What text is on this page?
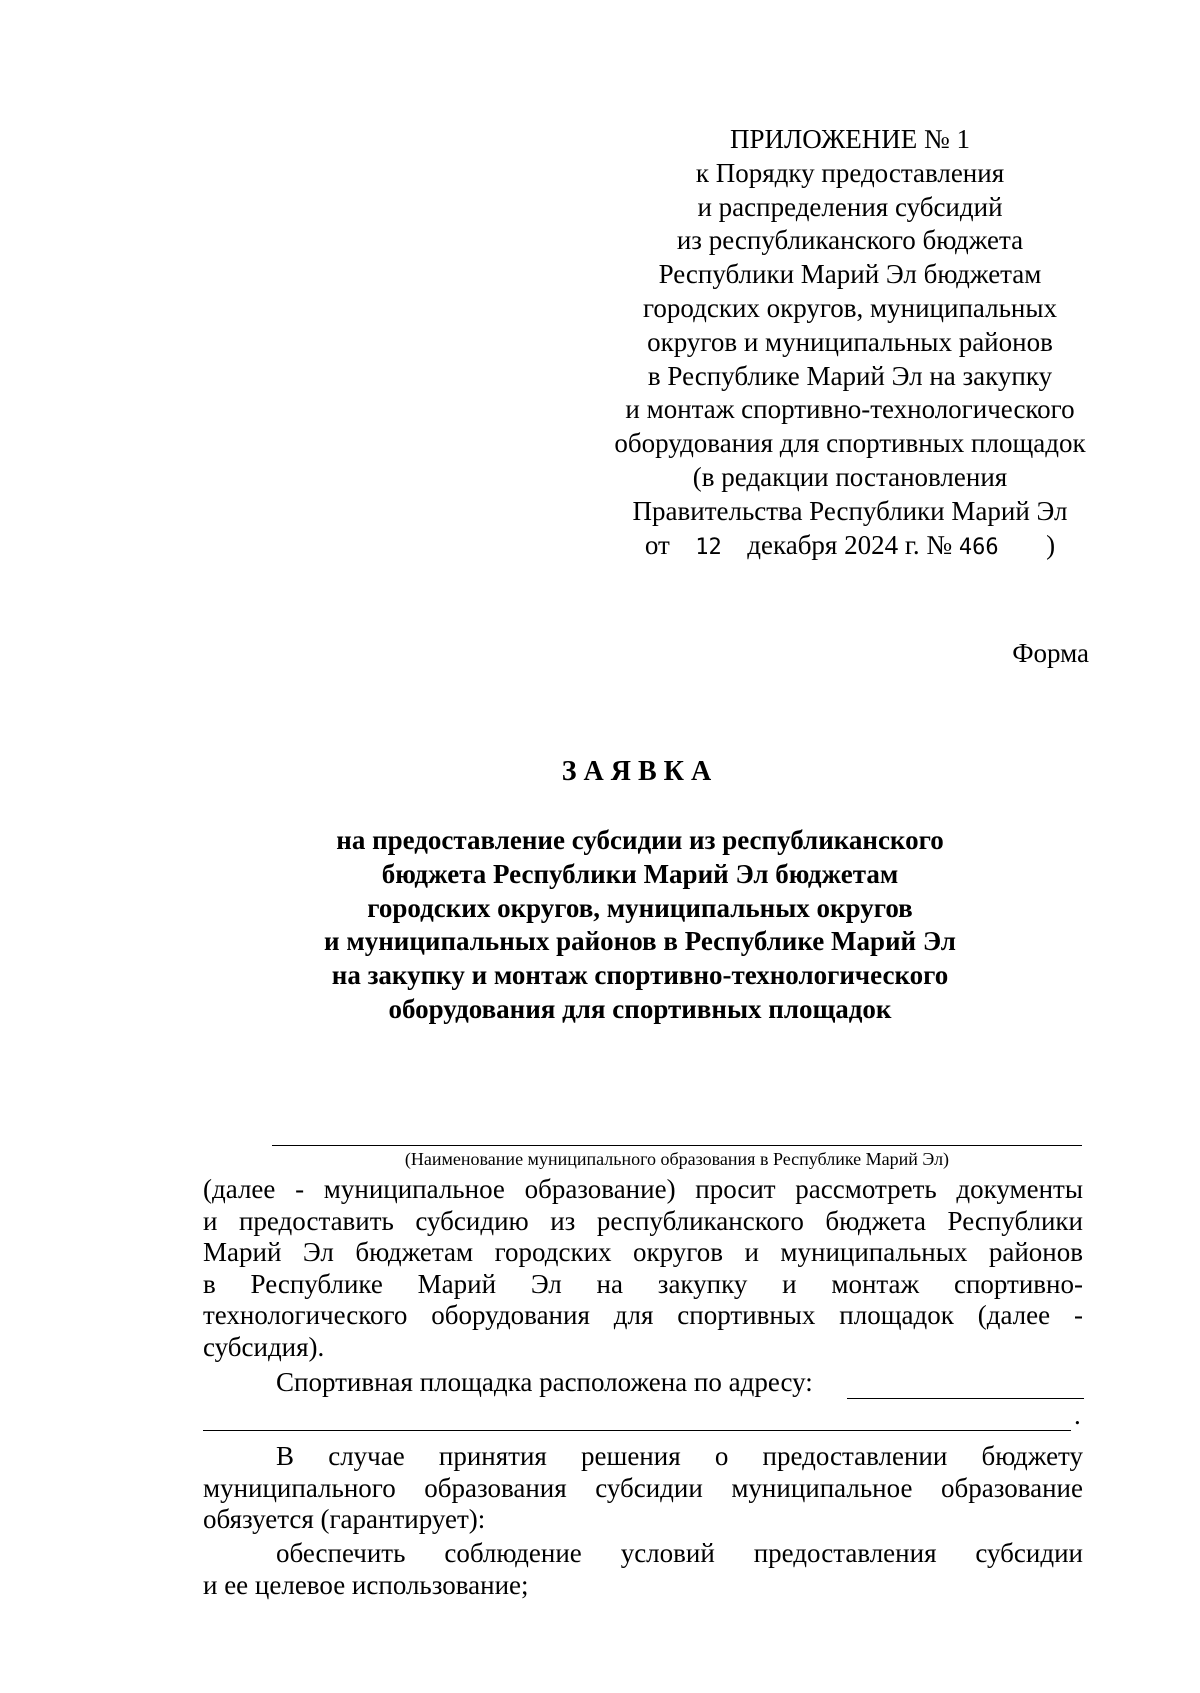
ПРИЛОЖЕНИЕ № 1
к Порядку предоставления
и распределения субсидий
из республиканского бюджета
Республики Марий Эл бюджетам
городских округов, муниципальных
округов и муниципальных районов
в Республике Марий Эл на закупку
и монтаж спортивно-технологического
оборудования для спортивных площадок
(в редакции постановления
Правительства Республики Марий Эл
от 12 декабря 2024 г. № 466 )
Форма
ЗАЯВКА
на предоставление субсидии из республиканского
бюджета Республики Марий Эл бюджетам
городских округов, муниципальных округов
и муниципальных районов в Республике Марий Эл
на закупку и монтаж спортивно-технологического
оборудования для спортивных площадок
(Наименование муниципального образования в Республике Марий Эл)
(далее - муниципальное образование) просит рассмотреть документы
и предоставить субсидию из республиканского бюджета Республики
Марий Эл бюджетам городских округов и муниципальных районов
в Республике Марий Эл на закупку и монтаж спортивно-
технологического оборудования для спортивных площадок (далее -
субсидия).
Спортивная площадка расположена по адресу:
.
В случае принятия решения о предоставлении бюджету
муниципального образования субсидии муниципальное образование
обязуется (гарантирует):
обеспечить соблюдение условий предоставления субсидии
и ее целевое использование;
